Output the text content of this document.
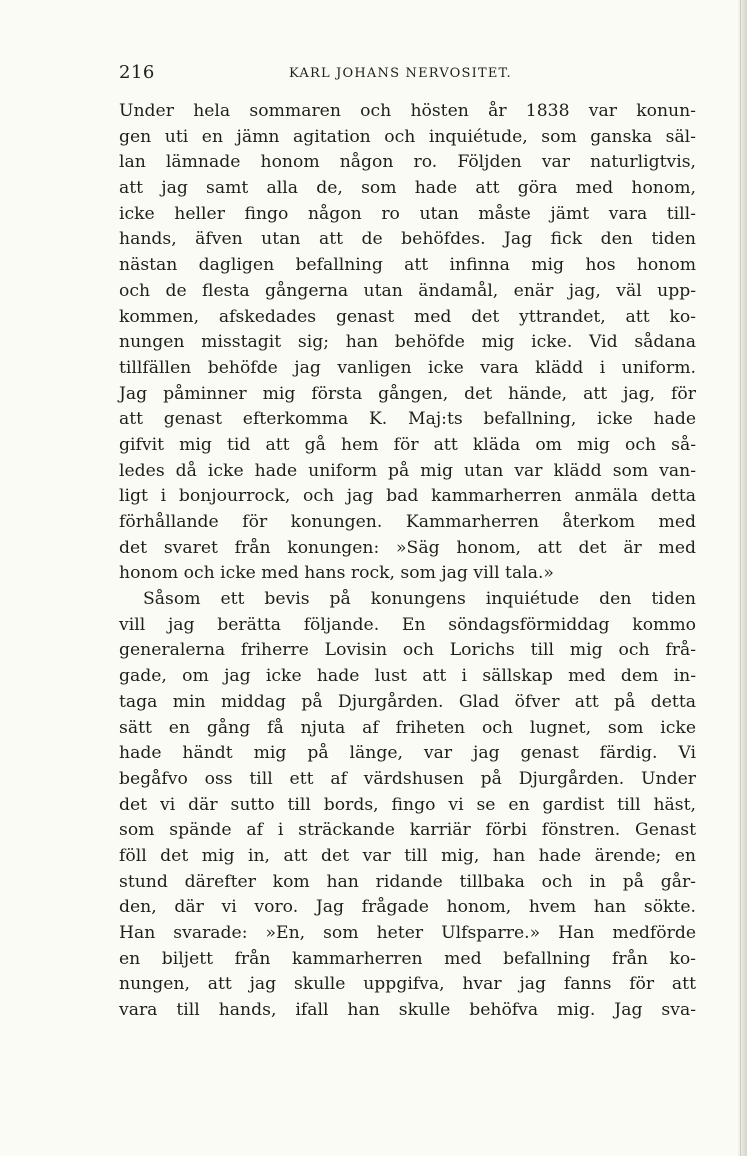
216	KARL JOHANS NERVOSITET.
Under hela sommaren och hösten år 1838 var konun-
gen uti en jämn agitation och inquiétude, som ganska säl-
lan lämnade honom någon ro. Följden var naturligtvis,
att jag samt alla de, som hade att göra med honom,
icke heller fingo någon ro utan måste jämt vara till-
hands, äfven utan att de behöfdes. Jag fick den tiden
nästan dagligen befallning att infinna mig hos honom
och de flesta gångerna utan ändamål, enär jag, väl upp-
kommen, afskedades genast med det yttrandet, att ko-
nungen misstagit sig; han behöfde mig icke. Vid sådana
tillfällen behöfde jag vanligen icke vara klädd i uniform.
Jag påminner mig första gången, det hände, att jag, för
att genast efterkomma K. Maj:ts befallning, icke hade
gifvit mig tid att gå hem för att kläda om mig och så-
ledes då icke hade uniform på mig utan var klädd som van-
ligt i bonjourrock, och jag bad kammarherren anmäla detta
förhållande för konungen. Kammarherren återkom med
det svaret från konungen: »Säg honom, att det är med
honom och icke med hans rock, som jag vill tala.»
Såsom ett bevis på konungens inquiétude den tiden
vill jag berätta följande. En söndagsförmiddag kommo
generalerna friherre Lovisin och Lorichs till mig och frå-
gade, om jag icke hade lust att i sällskap med dem in-
taga min middag på Djurgården. Glad öfver att på detta
sätt en gång få njuta af friheten och lugnet, som icke
hade händt mig på länge, var jag genast färdig. Vi
begåfvo oss till ett af värdshusen på Djurgården. Under
det vi där sutto till bords, fingo vi se en gardist till häst,
som spände af i sträckande karriär förbi fönstren. Genast
föll det mig in, att det var till mig, han hade ärende; en
stund därefter kom han ridande tillbaka och in på går-
den, där vi voro. Jag frågade honom, hvem han sökte.
Han svarade: »En, som heter Ulfsparre.» Han medförde
en biljett från kammarherren med befallning från ko-
nungen, att jag skulle uppgifva, hvar jag fanns för att
vara till hands, ifall han skulle behöfva mig. Jag sva-
